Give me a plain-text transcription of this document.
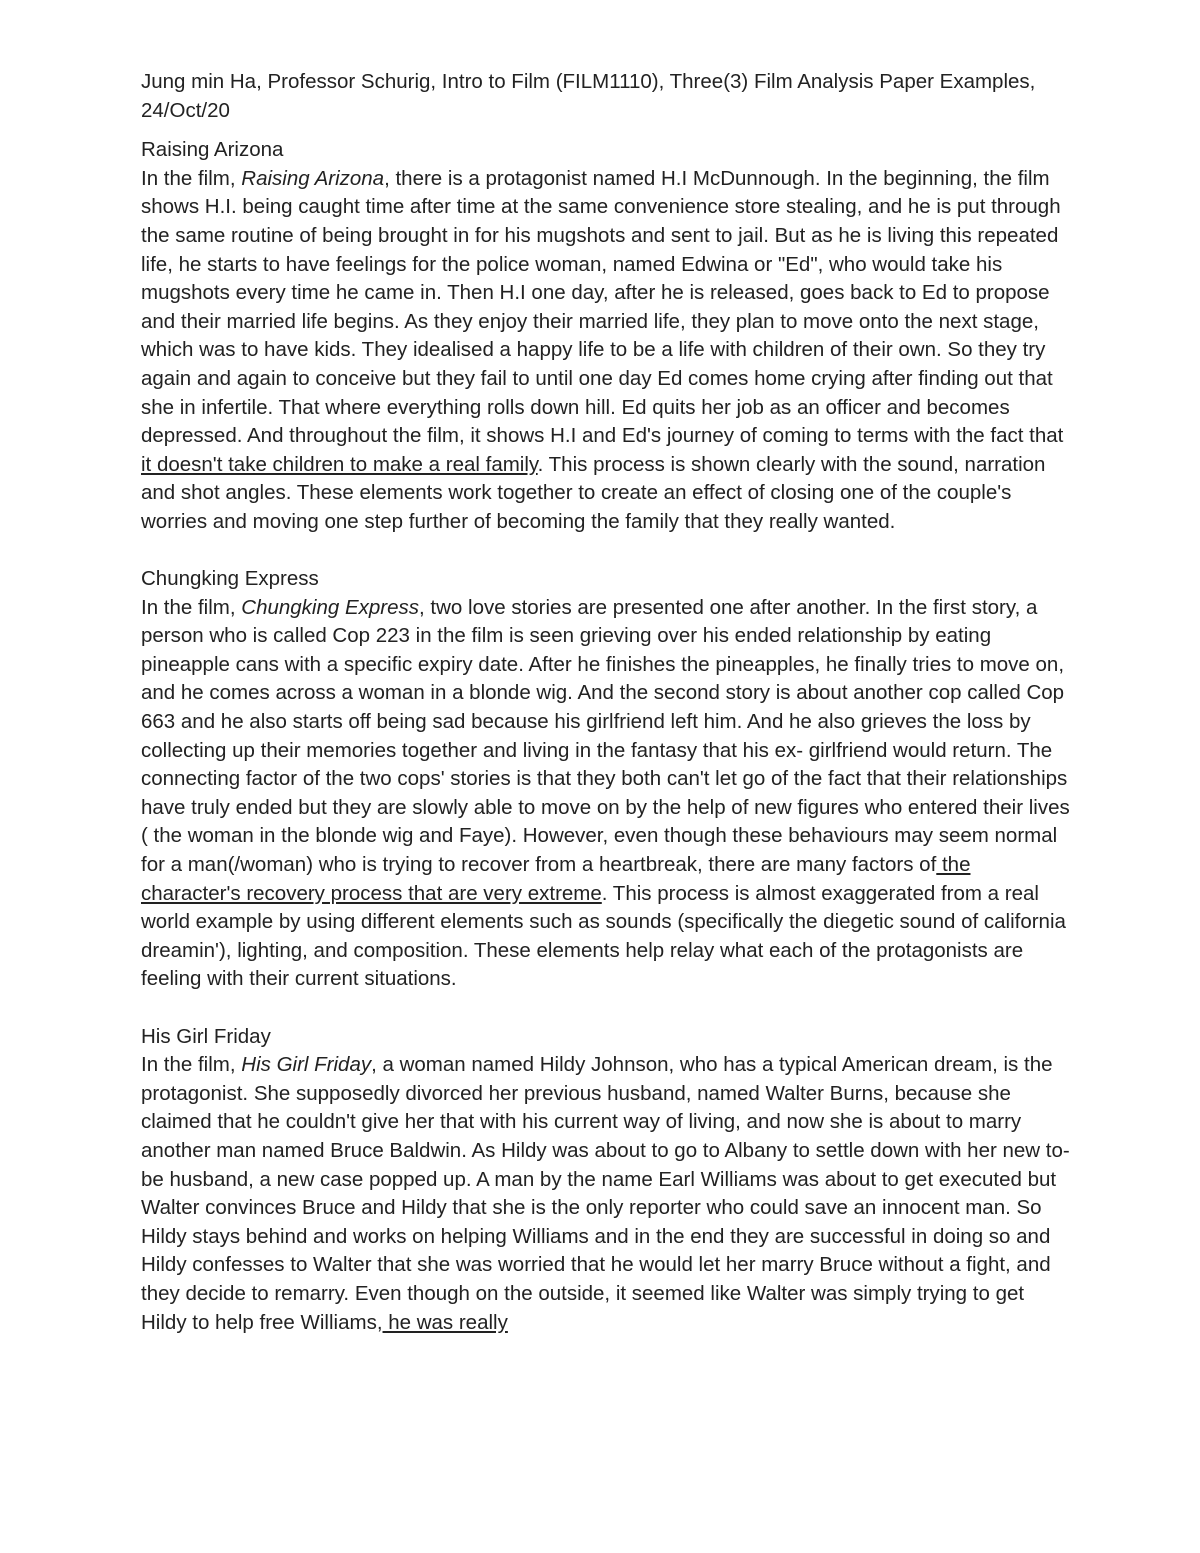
Jung min Ha, Professor Schurig, Intro to Film (FILM1110), Three(3) Film Analysis Paper Examples, 24/Oct/20
Raising Arizona
In the film, Raising Arizona, there is a protagonist named H.I McDunnough. In the beginning, the film shows H.I. being caught time after time at the same convenience store stealing, and he is put through the same routine of being brought in for his mugshots and sent to jail. But as he is living this repeated life, he starts to have feelings for the police woman, named Edwina or "Ed", who would take his mugshots every time he came in. Then H.I one day, after he is released, goes back to Ed to propose and their married life begins. As they enjoy their married life, they plan to move onto the next stage, which was to have kids. They idealised a happy life to be a life with children of their own. So they try again and again to conceive but they fail to until one day Ed comes home crying after finding out that she in infertile. That where everything rolls down hill. Ed quits her job as an officer and becomes depressed. And throughout the film, it shows H.I and Ed's journey of coming to terms with the fact that it doesn't take children to make a real family. This process is shown clearly with the sound, narration and shot angles. These elements work together to create an effect of closing one of the couple's worries and moving one step further of becoming the family that they really wanted.
Chungking Express
In the film, Chungking Express, two love stories are presented one after another. In the first story, a person who is called Cop 223 in the film is seen grieving over his ended relationship by eating pineapple cans with a specific expiry date. After he finishes the pineapples, he finally tries to move on, and he comes across a woman in a blonde wig. And the second story is about another cop called Cop 663 and he also starts off being sad because his girlfriend left him. And he also grieves the loss by collecting up their memories together and living in the fantasy that his ex- girlfriend would return. The connecting factor of the two cops' stories is that they both can't let go of the fact that their relationships have truly ended but they are slowly able to move on by the help of new figures who entered their lives ( the woman in the blonde wig and Faye). However, even though these behaviours may seem normal for a man(/woman) who is trying to recover from a heartbreak, there are many factors of the character's recovery process that are very extreme. This process is almost exaggerated from a real world example by using different elements such as sounds (specifically the diegetic sound of california dreamin'), lighting, and composition. These elements help relay what each of the protagonists are feeling with their current situations.
His Girl Friday
In the film, His Girl Friday, a woman named Hildy Johnson, who has a typical American dream, is the protagonist. She supposedly divorced her previous husband, named Walter Burns, because she claimed that he couldn't give her that with his current way of living, and now she is about to marry another man named Bruce Baldwin. As Hildy was about to go to Albany to settle down with her new to-be husband, a new case popped up. A man by the name Earl Williams was about to get executed but Walter convinces Bruce and Hildy that she is the only reporter who could save an innocent man. So Hildy stays behind and works on helping Williams and in the end they are successful in doing so and Hildy confesses to Walter that she was worried that he would let her marry Bruce without a fight, and they decide to remarry. Even though on the outside, it seemed like Walter was simply trying to get Hildy to help free Williams, he was really
